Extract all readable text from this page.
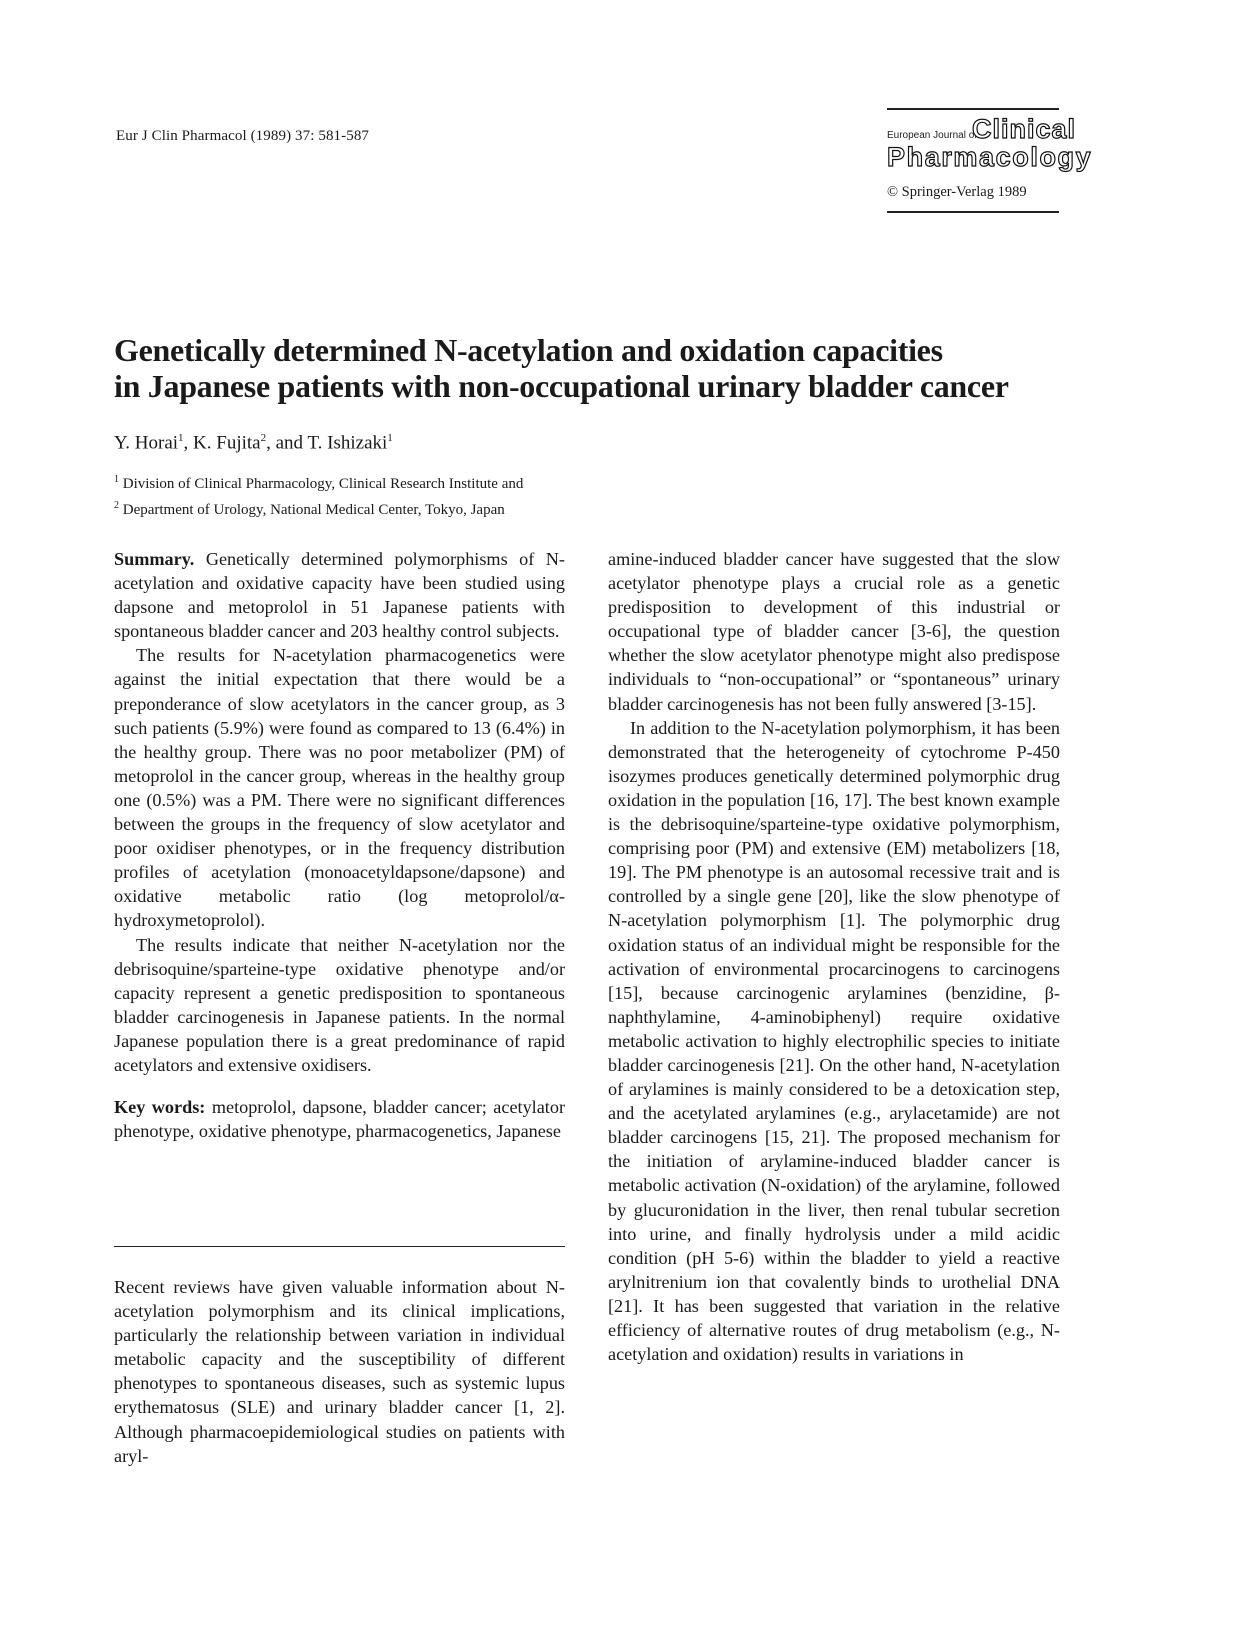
Eur J Clin Pharmacol (1989) 37: 581-587	European Journal of
Clinical
Pharmacology
© Springer-Verlag 1989
Genetically determined N-acetylation and oxidation capacities
in Japanese patients with non-occupational urinary bladder cancer
Y. Horai$^1$, K. Fujita$^2$, and T. Ishizaki$^1$
$^1$ Division of Clinical Pharmacology, Clinical Research Institute and
$^2$ Department of Urology, National Medical Center, Tokyo, Japan

Summary. Genetically determined polymorphisms of N-acetylation and oxidative capacity have been studied using dapsone and metoprolol in 51 Japanese patients with spontaneous bladder cancer and 203 healthy control subjects.

The results for N-acetylation pharmacogenetics were against the initial expectation that there would be a preponderance of slow acetylators in the cancer group, as 3 such patients (5.9%) were found as compared to 13 (6.4%) in the healthy group. There was no poor metabolizer (PM) of metoprolol in the cancer group, whereas in the healthy group one (0.5%) was a PM. There were no significant differences between the groups in the frequency of slow acetylator and poor oxidiser phenotypes, or in the frequency distribution profiles of acetylation (monoacetyldapsone/dapsone) and oxidative metabolic ratio (log metoprolol/α-hydroxymetoprolol).

The results indicate that neither N-acetylation nor the debrisoquine/sparteine-type oxidative phenotype and/or capacity represent a genetic predisposition to spontaneous bladder carcinogenesis in Japanese patients. In the normal Japanese population there is a great predominance of rapid acetylators and extensive oxidisers.

Key words: metoprolol, dapsone, bladder cancer; acetylator phenotype, oxidative phenotype, pharmacogenetics, Japanese

Recent reviews have given valuable information about N-acetylation polymorphism and its clinical implications, particularly the relationship between variation in individual metabolic capacity and the susceptibility of different phenotypes to spontaneous diseases, such as systemic lupus erythematosus (SLE) and urinary bladder cancer [1, 2]. Although pharmacoepidemiological studies on patients with aryl-

amine-induced bladder cancer have suggested that the slow acetylator phenotype plays a crucial role as a genetic predisposition to development of this industrial or occupational type of bladder cancer [3-6], the question whether the slow acetylator phenotype might also predispose individuals to “non-occupational” or “spontaneous” urinary bladder carcinogenesis has not been fully answered [3-15].

In addition to the N-acetylation polymorphism, it has been demonstrated that the heterogeneity of cytochrome P-450 isozymes produces genetically determined polymorphic drug oxidation in the population [16, 17]. The best known example is the debrisoquine/sparteine-type oxidative polymorphism, comprising poor (PM) and extensive (EM) metabolizers [18, 19]. The PM phenotype is an autosomal recessive trait and is controlled by a single gene [20], like the slow phenotype of N-acetylation polymorphism [1]. The polymorphic drug oxidation status of an individual might be responsible for the activation of environmental procarcinogens to carcinogens [15], because carcinogenic arylamines (benzidine, β-naphthylamine, 4-aminobiphenyl) require oxidative metabolic activation to highly electrophilic species to initiate bladder carcinogenesis [21]. On the other hand, N-acetylation of arylamines is mainly considered to be a detoxication step, and the acetylated arylamines (e.g., arylacetamide) are not bladder carcinogens [15, 21]. The proposed mechanism for the initiation of arylamine-induced bladder cancer is metabolic activation (N-oxidation) of the arylamine, followed by glucuronidation in the liver, then renal tubular secretion into urine, and finally hydrolysis under a mild acidic condition (pH 5-6) within the bladder to yield a reactive arylnitrenium ion that covalently binds to urothelial DNA [21]. It has been suggested that variation in the relative efficiency of alternative routes of drug metabolism (e.g., N-acetylation and oxidation) results in variations in
